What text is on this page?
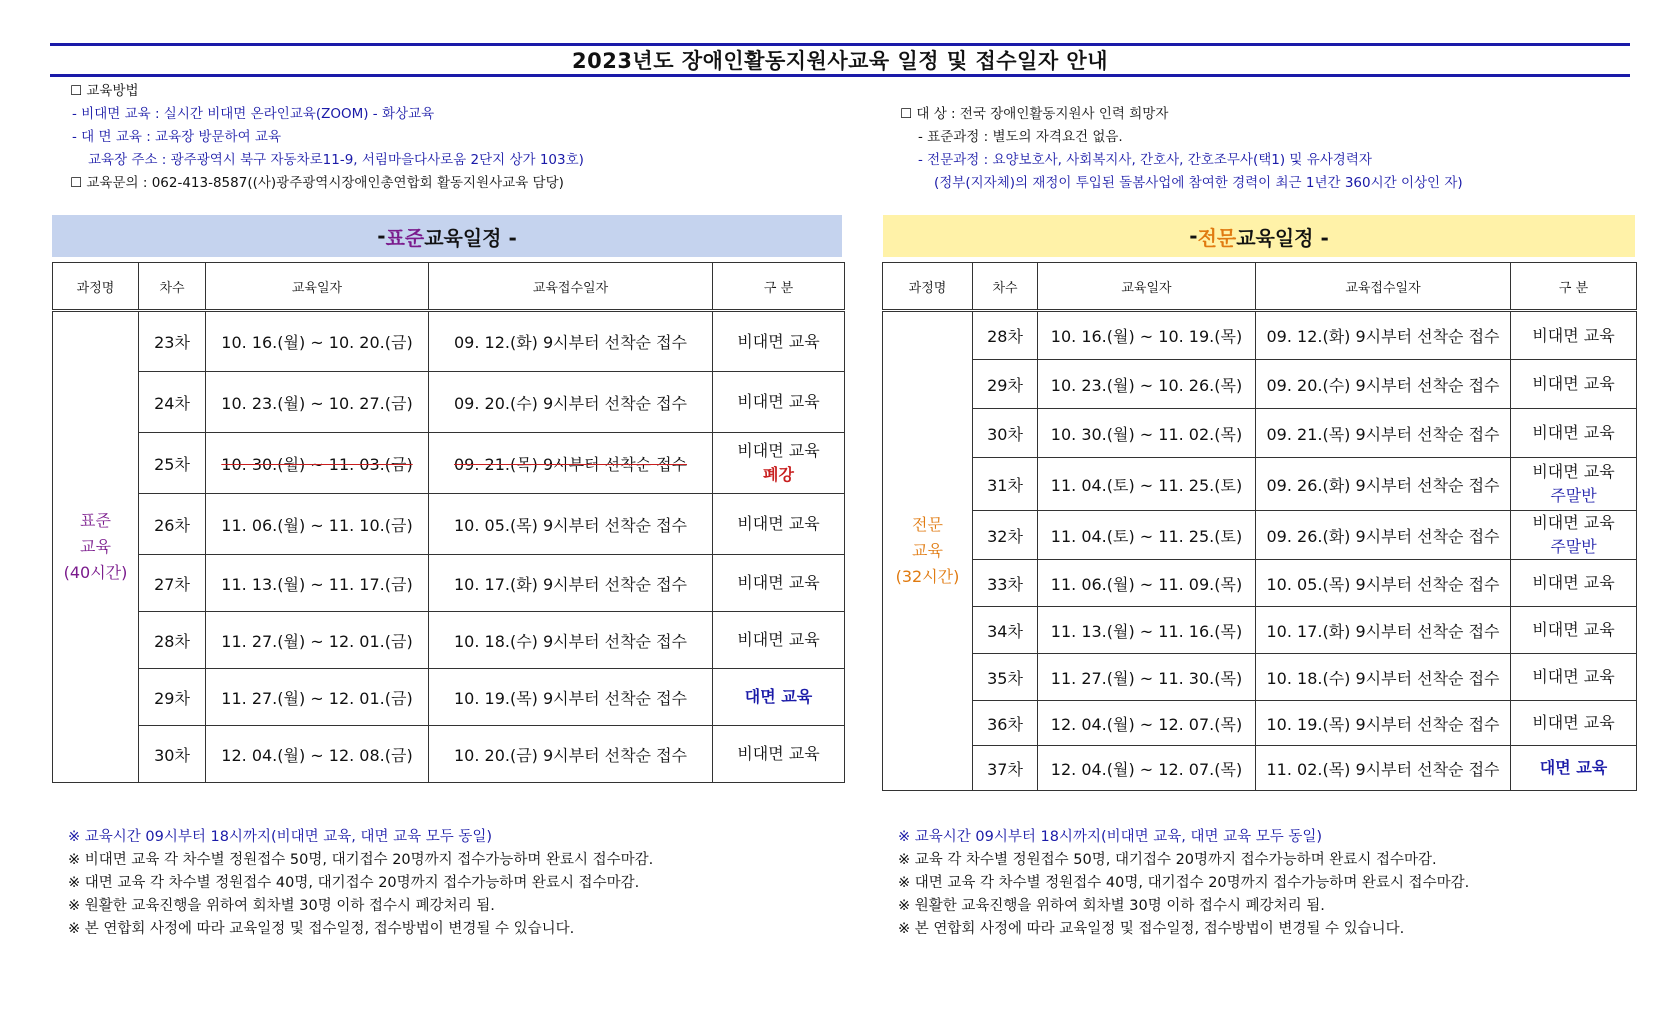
2023년도 장애인활동지원사교육 일정 및 접수일자 안내
☐ 교육방법
- 비대면 교육 : 실시간 비대면 온라인교육(ZOOM) - 화상교육
- 대 면 교육 : 교육장 방문하여 교육
교육장 주소 : 광주광역시 북구 자동차로11-9, 서림마을다사로움 2단지 상가 103호)
☐ 교육문의 : 062-413-8587((사)광주광역시장애인총연합회 활동지원사교육 담당)
☐ 대 상 : 전국 장애인활동지원사 인력 희망자
- 표준과정 : 별도의 자격요건 없음.
- 전문과정 : 요양보호사, 사회복지사, 간호사, 간호조무사(택1) 및 유사경력자
(정부(지자체)의 재정이 투입된 돌봄사업에 참여한 경력이 최근 1년간 360시간 이상인 자)
- 표준 교육일정 -	- 전문 교육일정 -
과정명	차수	교육일자	교육접수일자	구 분

표준
교육
(40시간)	23차	10. 16.(월) ~ 10. 20.(금)	09. 12.(화) 9시부터 선착순 접수	비대면 교육

	24차	10. 23.(월) ~ 10. 27.(금)	09. 20.(수) 9시부터 선착순 접수	비대면 교육

	25차	10. 30.(월) ~ 11. 03.(금)	09. 21.(목) 9시부터 선착순 접수	비대면 교육
폐강

	26차	11. 06.(월) ~ 11. 10.(금)	10. 05.(목) 9시부터 선착순 접수	비대면 교육

	27차	11. 13.(월) ~ 11. 17.(금)	10. 17.(화) 9시부터 선착순 접수	비대면 교육

	28차	11. 27.(월) ~ 12. 01.(금)	10. 18.(수) 9시부터 선착순 접수	비대면 교육

	29차	11. 27.(월) ~ 12. 01.(금)	10. 19.(목) 9시부터 선착순 접수	대면 교육

	30차	12. 04.(월) ~ 12. 08.(금)	10. 20.(금) 9시부터 선착순 접수	비대면 교육
과정명	차수	교육일자	교육접수일자	구 분

전문
교육
(32시간)	28차	10. 16.(월) ~ 10. 19.(목)	09. 12.(화) 9시부터 선착순 접수	비대면 교육

	29차	10. 23.(월) ~ 10. 26.(목)	09. 20.(수) 9시부터 선착순 접수	비대면 교육

	30차	10. 30.(월) ~ 11. 02.(목)	09. 21.(목) 9시부터 선착순 접수	비대면 교육

	31차	11. 04.(토) ~ 11. 25.(토)	09. 26.(화) 9시부터 선착순 접수	비대면 교육
주말반

	32차	11. 04.(토) ~ 11. 25.(토)	09. 26.(화) 9시부터 선착순 접수	비대면 교육
주말반

	33차	11. 06.(월) ~ 11. 09.(목)	10. 05.(목) 9시부터 선착순 접수	비대면 교육

	34차	11. 13.(월) ~ 11. 16.(목)	10. 17.(화) 9시부터 선착순 접수	비대면 교육

	35차	11. 27.(월) ~ 11. 30.(목)	10. 18.(수) 9시부터 선착순 접수	비대면 교육

	36차	12. 04.(월) ~ 12. 07.(목)	10. 19.(목) 9시부터 선착순 접수	비대면 교육

	37차	12. 04.(월) ~ 12. 07.(목)	11. 02.(목) 9시부터 선착순 접수	대면 교육
※ 교육시간 09시부터 18시까지(비대면 교육, 대면 교육 모두 동일)
※ 비대면 교육 각 차수별 정원접수 50명, 대기접수 20명까지 접수가능하며 완료시 접수마감.
※ 대면 교육 각 차수별 정원접수 40명, 대기접수 20명까지 접수가능하며 완료시 접수마감.
※ 원활한 교육진행을 위하여 회차별 30명 이하 접수시 폐강처리 됨.
※ 본 연합회 사정에 따라 교육일정 및 접수일정, 접수방법이 변경될 수 있습니다.
※ 교육시간 09시부터 18시까지(비대면 교육, 대면 교육 모두 동일)
※ 교육 각 차수별 정원접수 50명, 대기접수 20명까지 접수가능하며 완료시 접수마감.
※ 대면 교육 각 차수별 정원접수 40명, 대기접수 20명까지 접수가능하며 완료시 접수마감.
※ 원활한 교육진행을 위하여 회차별 30명 이하 접수시 폐강처리 됨.
※ 본 연합회 사정에 따라 교육일정 및 접수일정, 접수방법이 변경될 수 있습니다.
